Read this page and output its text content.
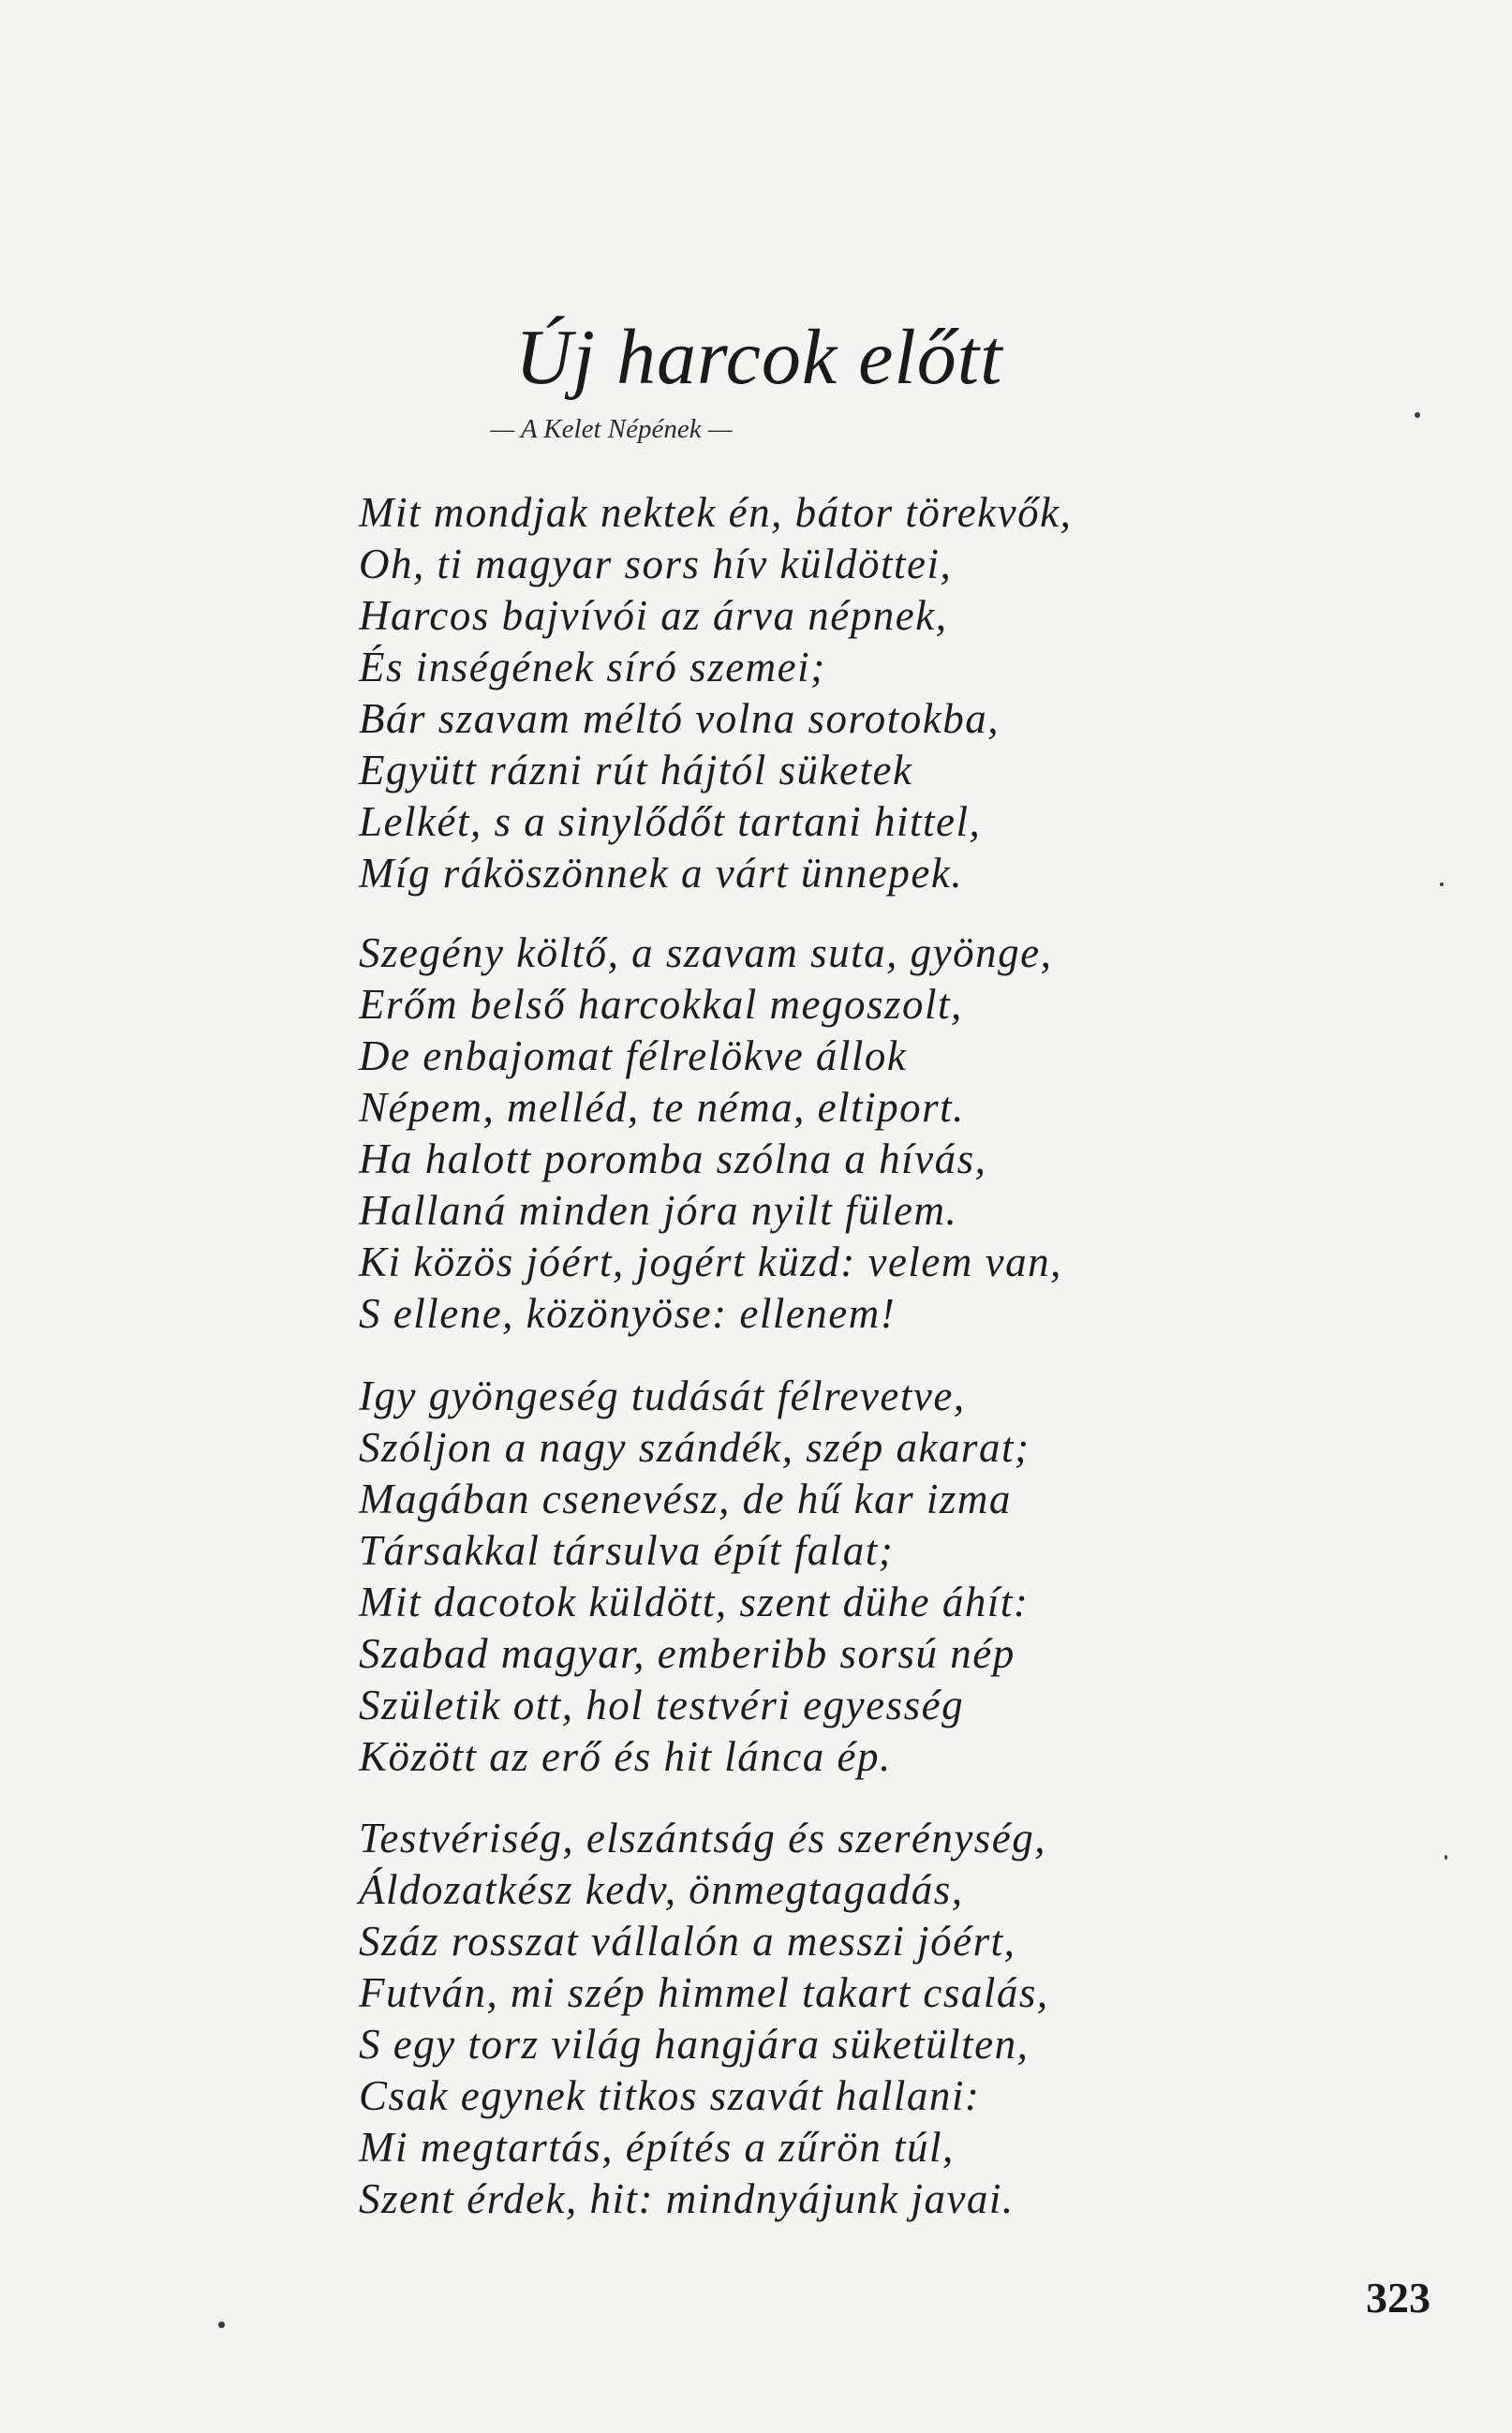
Új harcok előtt
— A Kelet Népének —
Mit mondjak nektek én, bátor törekvők,
Oh, ti magyar sors hív küldöttei,
Harcos bajvívói az árva népnek,
És inségének síró szemei;
Bár szavam méltó volna sorotokba,
Együtt rázni rút hájtól süketek
Lelkét, s a sinylődőt tartani hittel,
Míg ráköszönnek a várt ünnepek.
Szegény költő, a szavam suta, gyönge,
Erőm belső harcokkal megoszolt,
De enbajomat félrelökve állok
Népem, melléd, te néma, eltiport.
Ha halott poromba szólna a hívás,
Hallaná minden jóra nyilt fülem.
Ki közös jóért, jogért küzd: velem van,
S ellene, közönyöse: ellenem!
Igy gyöngeség tudását félrevetve,
Szóljon a nagy szándék, szép akarat;
Magában csenevész, de hű kar izma
Társakkal társulva épít falat;
Mit dacotok küldött, szent dühe áhít:
Szabad magyar, emberibb sorsú nép
Születik ott, hol testvéri egyesség
Között az erő és hit lánca ép.
Testvériség, elszántság és szerénység,
Áldozatkész kedv, önmegtagadás,
Száz rosszat vállalón a messzi jóért,
Futván, mi szép himmel takart csalás,
S egy torz világ hangjára süketülten,
Csak egynek titkos szavát hallani:
Mi megtartás, építés a zűrön túl,
Szent érdek, hit: mindnyájunk javai.
323
